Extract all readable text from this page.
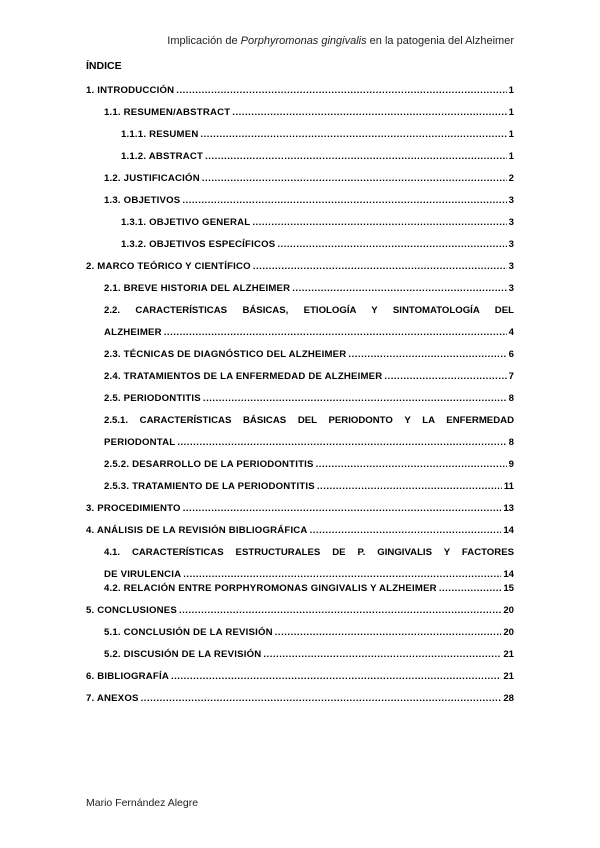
Implicación de Porphyromonas gingivalis en la patogenia del Alzheimer
ÍNDICE
1. INTRODUCCIÓN .....	1
1.1. RESUMEN/ABSTRACT .....	1
1.1.1. RESUMEN .....	1
1.1.2. ABSTRACT .....	1
1.2. JUSTIFICACIÓN .....	2
1.3. OBJETIVOS .....	3
1.3.1. OBJETIVO GENERAL .....	3
1.3.2. OBJETIVOS ESPECÍFICOS .....	3
2. MARCO TEÓRICO Y CIENTÍFICO .....	3
2.1. BREVE HISTORIA DEL ALZHEIMER .....	3
2.2. CARACTERÍSTICAS BÁSICAS, ETIOLOGÍA Y SINTOMATOLOGÍA DEL
ALZHEIMER .....	4
2.3. TÉCNICAS DE DIAGNÓSTICO DEL ALZHEIMER .....	6
2.4. TRATAMIENTOS DE LA ENFERMEDAD DE ALZHEIMER .....	7
2.5. PERIODONTITIS .....	8
2.5.1. CARACTERÍSTICAS BÁSICAS DEL PERIODONTO Y LA ENFERMEDAD
PERIODONTAL .....	8
2.5.2. DESARROLLO DE LA PERIODONTITIS .....	9
2.5.3. TRATAMIENTO DE LA PERIODONTITIS .....	11
3. PROCEDIMIENTO .....	13
4. ANÁLISIS DE LA REVISIÓN BIBLIOGRÁFICA .....	14
4.1. CARACTERÍSTICAS ESTRUCTURALES DE P. GINGIVALIS Y FACTORES
DE VIRULENCIA .....	14
4.2. RELACIÓN ENTRE PORPHYROMONAS GINGIVALIS Y ALZHEIMER .....	15
5. CONCLUSIONES .....	20
5.1. CONCLUSIÓN DE LA REVISIÓN .....	20
5.2. DISCUSIÓN DE LA REVISIÓN .....	21
6. BIBLIOGRAFÍA .....	21
7. ANEXOS .....	28
Mario Fernández Alegre
